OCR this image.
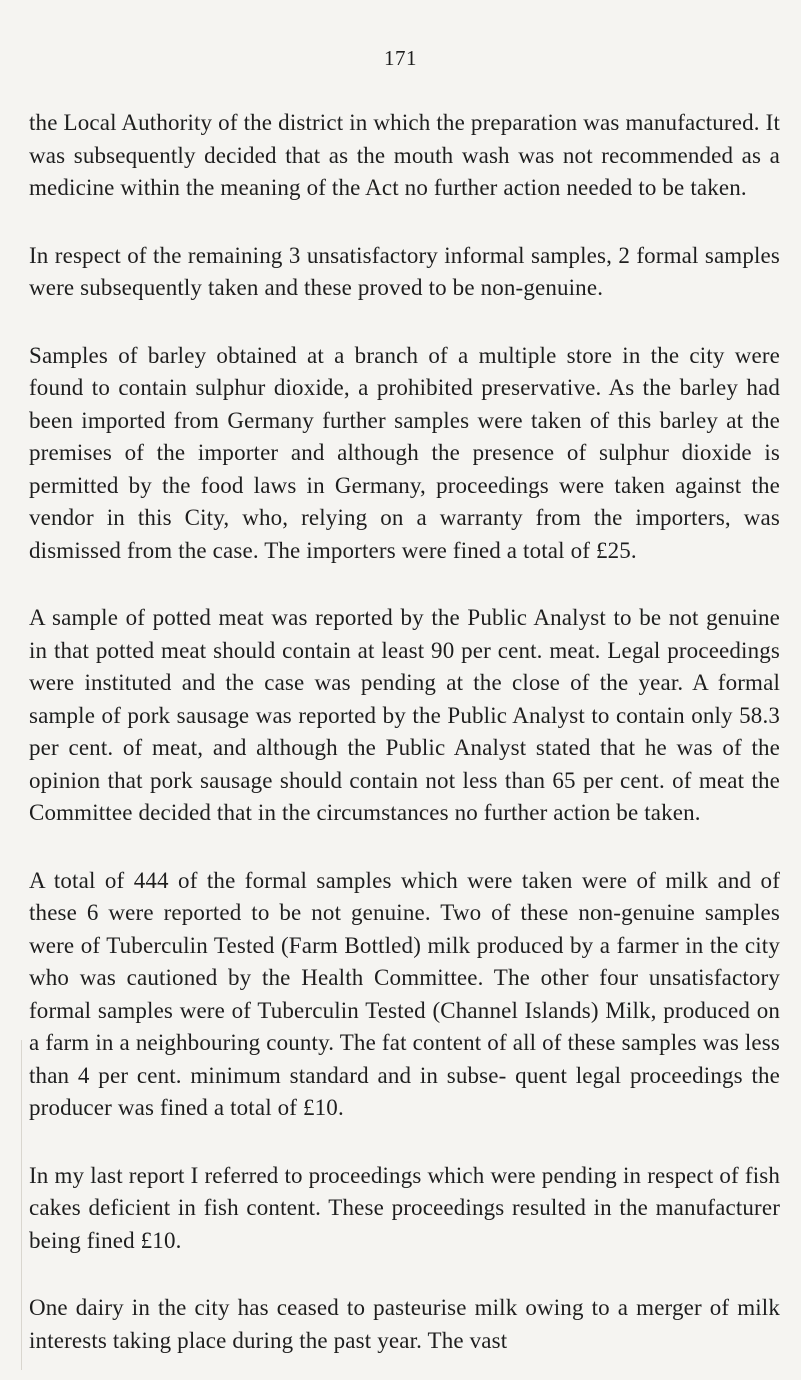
171

the Local Authority of the district in which the preparation was manufactured. It was subsequently decided that as the mouth wash was not recommended as a medicine within the meaning of the Act no further action needed to be taken.

In respect of the remaining 3 unsatisfactory informal samples, 2 formal samples were subsequently taken and these proved to be non-genuine.

Samples of barley obtained at a branch of a multiple store in the city were found to contain sulphur dioxide, a prohibited preservative. As the barley had been imported from Germany further samples were taken of this barley at the premises of the importer and although the presence of sulphur dioxide is permitted by the food laws in Germany, proceedings were taken against the vendor in this City, who, relying on a warranty from the importers, was dismissed from the case. The importers were fined a total of £25.

A sample of potted meat was reported by the Public Analyst to be not genuine in that potted meat should contain at least 90 per cent. meat. Legal proceedings were instituted and the case was pending at the close of the year. A formal sample of pork sausage was reported by the Public Analyst to contain only 58.3 per cent. of meat, and although the Public Analyst stated that he was of the opinion that pork sausage should contain not less than 65 per cent. of meat the Committee decided that in the circumstances no further action be taken.

A total of 444 of the formal samples which were taken were of milk and of these 6 were reported to be not genuine. Two of these non-genuine samples were of Tuberculin Tested (Farm Bottled) milk produced by a farmer in the city who was cautioned by the Health Committee. The other four unsatisfactory formal samples were of Tuberculin Tested (Channel Islands) Milk, produced on a farm in a neighbouring county. The fat content of all of these samples was less than 4 per cent. minimum standard and in subse- quent legal proceedings the producer was fined a total of £10.

In my last report I referred to proceedings which were pending in respect of fish cakes deficient in fish content. These proceedings resulted in the manufacturer being fined £10.

One dairy in the city has ceased to pasteurise milk owing to a merger of milk interests taking place during the past year. The vast
